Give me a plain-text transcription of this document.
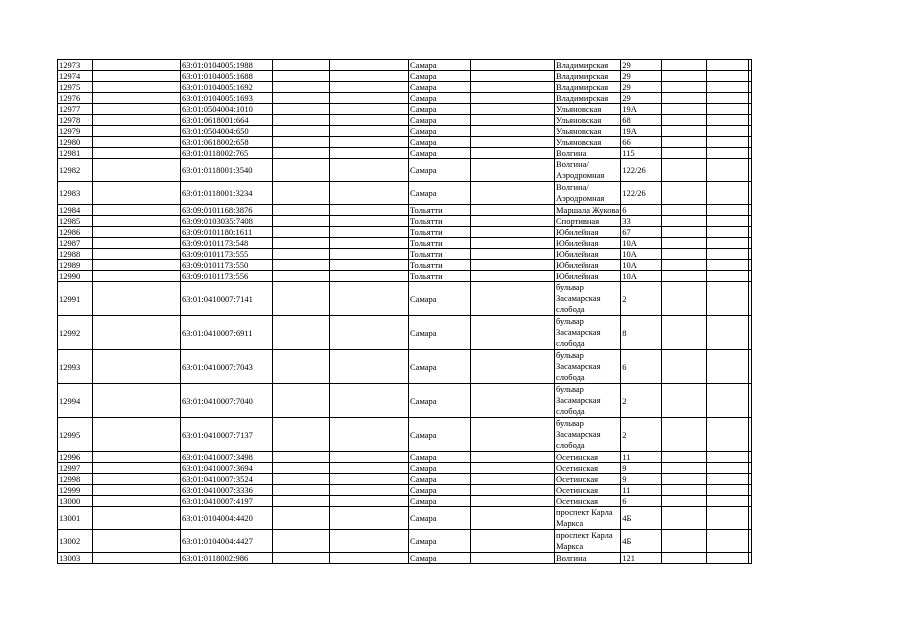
12973		63:01:0104005:1988			Самара		Владимирская	29			
12974		63:01:0104005:1688			Самара		Владимирская	29			
12975		63:01:0104005:1692			Самара		Владимирская	29			
12976		63:01:0104005:1693			Самара		Владимирская	29			
12977		63:01:0504004:1010			Самара		Ульяновская	19А			
12978		63:01:0618001:664			Самара		Ульяновская	68			
12979		63:01:0504004:650			Самара		Ульяновская	19А			
12980		63:01:0618002:658			Самара		Ульяновская	66			
12981		63:01:0118002:765			Самара		Волгина	115			
12982		63:01:0118001:3540			Самара		Волгина/Аэродромная	122/26			
12983		63:01:0118001:3234			Самара		Волгина/Аэродромная	122/26			
12984		63:09:0101168:3876			Тольятти		Маршала Жукова	6			
12985		63:09:0103035:7408			Тольятти		Спортивная	33			
12986		63:09:0101180:1611			Тольятти		Юбилейная	67			
12987		63:09:0101173:548			Тольятти		Юбилейная	10А			
12988		63:09:0101173:555			Тольятти		Юбилейная	10А			
12989		63:09:0101173:550			Тольятти		Юбилейная	10А			
12990		63:09:0101173:556			Тольятти		Юбилейная	10А			
12991		63:01:0410007:7141			Самара		бульвар Засамарская слобода	2			
12992		63:01:0410007:6911			Самара		бульвар Засамарская слобода	8			
12993		63:01:0410007:7043			Самара		бульвар Засамарская слобода	6			
12994		63:01:0410007:7040			Самара		бульвар Засамарская слобода	2			
12995		63:01:0410007:7137			Самара		бульвар Засамарская слобода	2			
12996		63:01:0410007:3498			Самара		Осетинская	11			
12997		63:01:0410007:3694			Самара		Осетинская	9			
12998		63:01:0410007:3524			Самара		Осетинская	9			
12999		63:01:0410007:3336			Самара		Осетинская	11			
13000		63:01:0410007:4197			Самара		Осетинская	6			
13001		63:01:0104004:4420			Самара		проспект Карла Маркса	4Б			
13002		63:01:0104004:4427			Самара		проспект Карла Маркса	4Б			
13003		63:01:0118002:986			Самара		Волгина	121			
